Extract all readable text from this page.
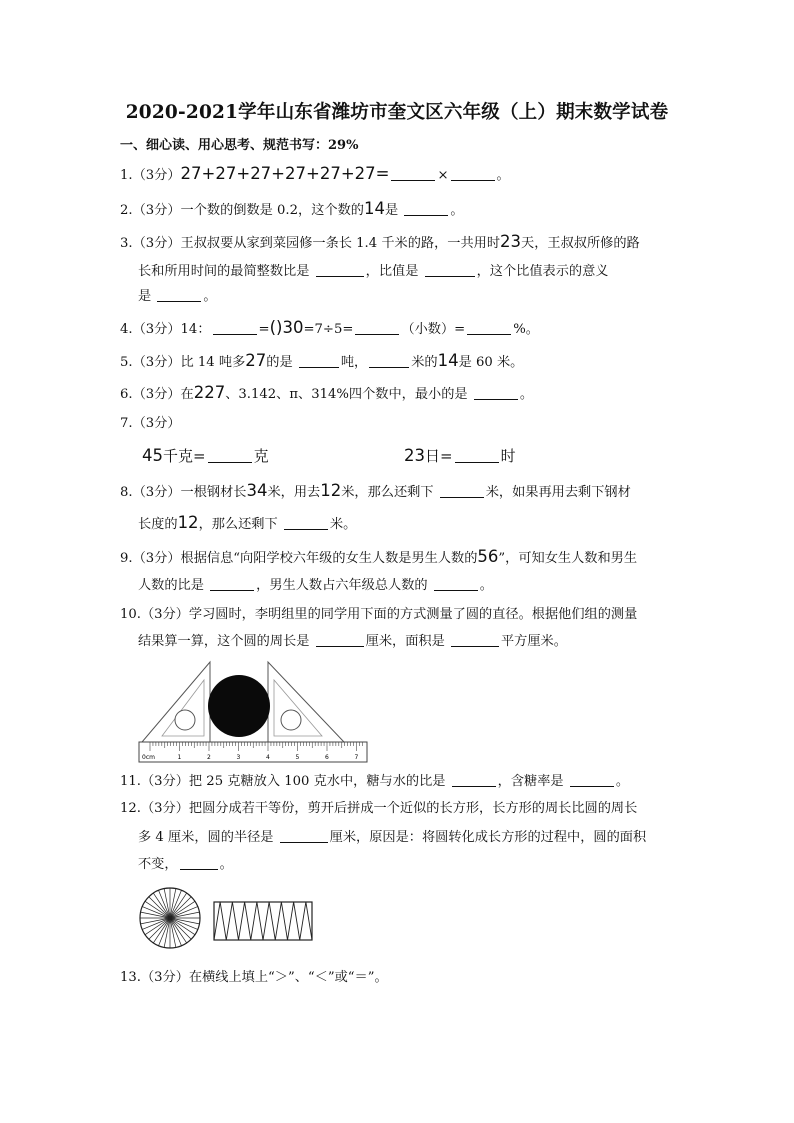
2020-2021学年山东省潍坊市奎文区六年级（上）期末数学试卷
一、细心读、用心思考、规范书写：29%
1.（3分）27+27+27+27+27+27=	×	。
2.（3分）一个数的倒数是 0.2，这个数的14是	。
3.（3分）王叔叔要从家到菜园修一条长 1.4 千米的路，一共用时23天，王叔叔所修的路
长和所用时间的最简整数比是	，比值是	，这个比值表示的意义
是	。
4.（3分）14：	=()30=7÷5=	（小数）=	%。
5.（3分）比 14 吨多27的是	吨，	米的14是 60 米。
6.（3分）在227、3.142、π、314%四个数中，最小的是	。
7.（3分）
45千克=	克	23日=	时
8.（3分）一根钢材长34米，用去12米，那么还剩下	米，如果再用去剩下钢材
长度的12，那么还剩下	米。
9.（3分）根据信息“向阳学校六年级的女生人数是男生人数的56”，可知女生人数和男生
人数的比是	，男生人数占六年级总人数的	。
10.（3分）学习圆时，李明组里的同学用下面的方式测量了圆的直径。根据他们组的测量
结果算一算，这个圆的周长是	厘米，面积是	平方厘米。
0cm	1	2	3	4	5	6	7
11.（3分）把 25 克糖放入 100 克水中，糖与水的比是	，含糖率是	。
12.（3分）把圆分成若干等份，剪开后拼成一个近似的长方形，长方形的周长比圆的周长
多 4 厘米，圆的半径是	厘米，原因是：将圆转化成长方形的过程中，圆的面积
不变，	。
13.（3分）在横线上填上“＞”、“＜”或“＝”。
